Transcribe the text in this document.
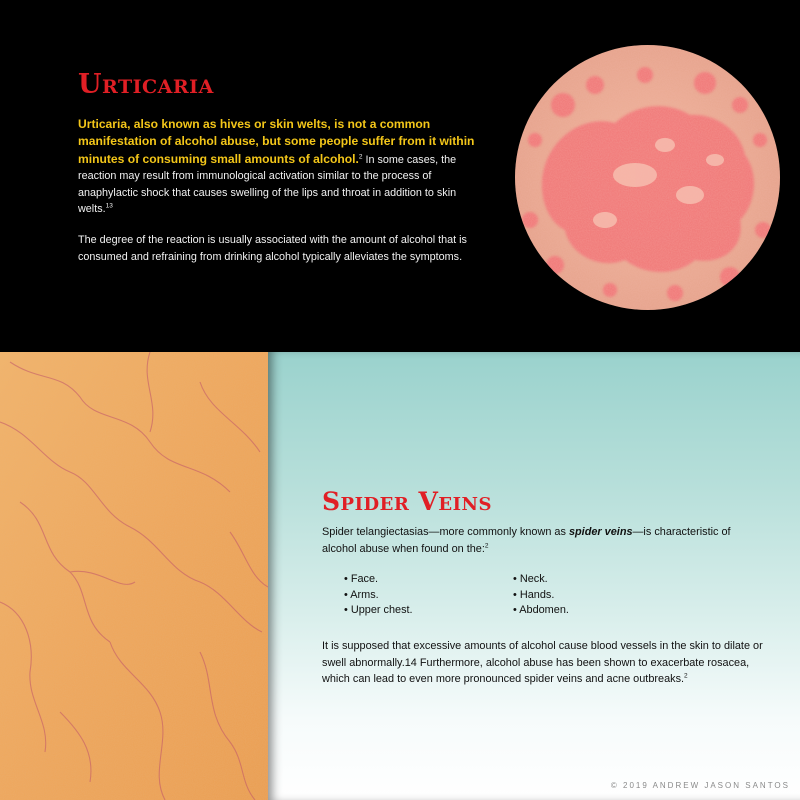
Urticaria

Urticaria, also known as hives or skin welts, is not a common manifestation of alcohol abuse, but some people suffer from it within minutes of consuming small amounts of alcohol.$^2$ In some cases, the reaction may result from immunological activation similar to the process of anaphylactic shock that causes swelling of the lips and throat in addition to skin welts.$^{13}$

The degree of the reaction is usually associated with the amount of alcohol that is consumed and refraining from drinking alcohol typically alleviates the symptoms.

Spider Veins

Spider telangiectasias—more commonly known as spider veins—is characteristic of alcohol abuse when found on the:$^2$

• Face.
• Arms.
• Upper chest.
• Neck.
• Hands.
• Abdomen.

It is supposed that excessive amounts of alcohol cause blood vessels in the skin to dilate or swell abnormally.14 Furthermore, alcohol abuse has been shown to exacerbate rosacea, which can lead to even more pronounced spider veins and acne outbreaks.$^2$

© 2019 ANDREW JASON SANTOS
